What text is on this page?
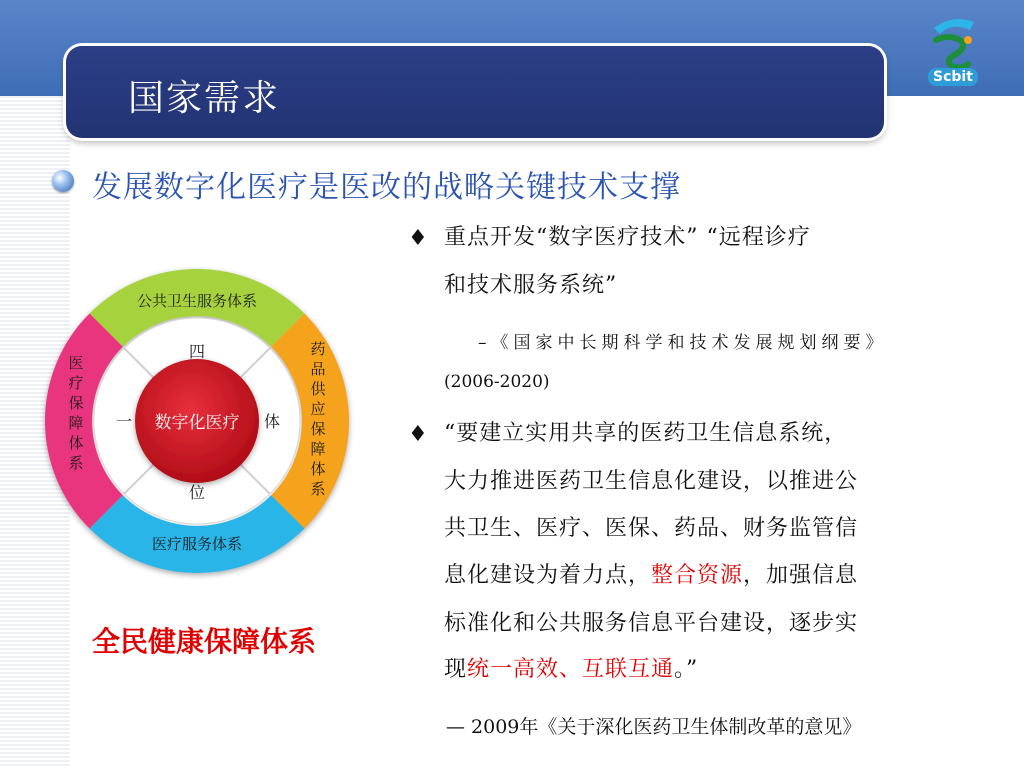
国家需求
Scbit
发展数字化医疗是医改的战略关键技术支撑
数字化医疗
公共卫生服务体系
医疗服务体系
药
品
供
应
保
障
体
系
医
疗
保
障
体
系
四
体
位
一
全民健康保障体系
♦ 重点开发“数字医疗技术” “远程诊疗
和技术服务系统”
–《国家中长期科学和技术发展规划纲要》
(2006-2020)
♦ “要建立实用共享的医药卫生信息系统，
大力推进医药卫生信息化建设，以推进公
共卫生、医疗、医保、药品、财务监管信
息化建设为着力点，整合资源，加强信息
标准化和公共服务信息平台建设，逐步实
现统一高效、互联互通。”
— 2009年《关于深化医药卫生体制改革的意见》
